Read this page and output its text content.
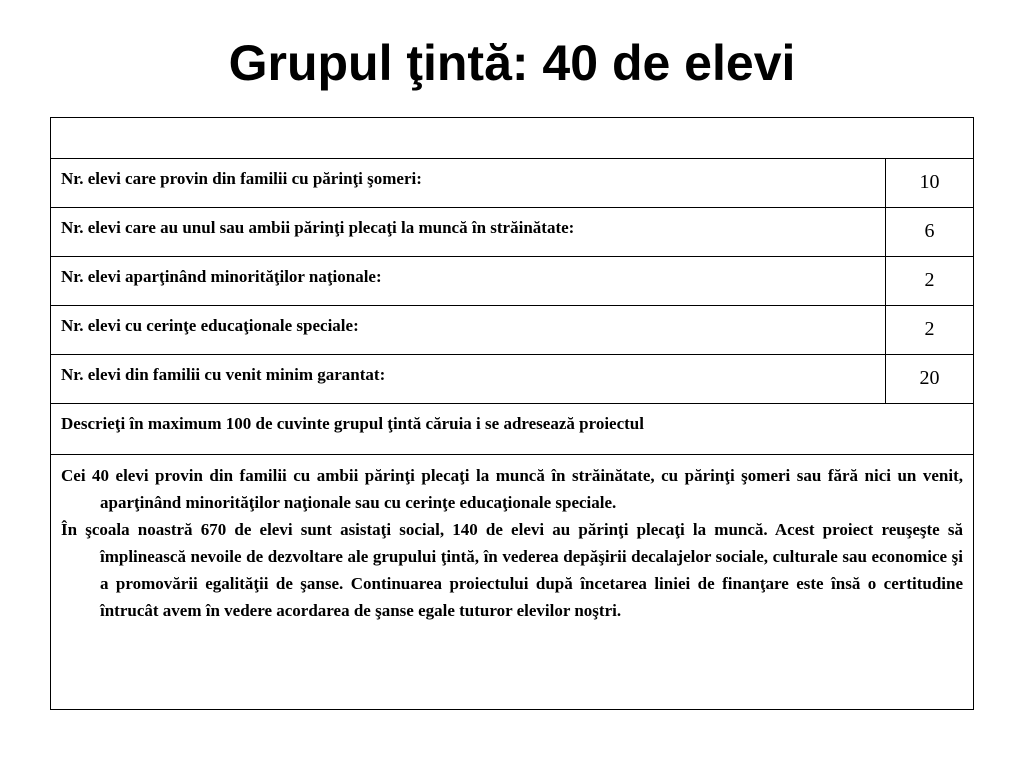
Grupul ţintă: 40 de elevi

Nr. elevi care provin din familii cu părinţi şomeri:	10
Nr. elevi care au unul sau ambii părinţi plecaţi la muncă în străinătate:	6
Nr. elevi aparţinând minorităţilor naţionale:	2
Nr. elevi cu cerinţe educaţionale speciale:	2
Nr. elevi din familii cu venit minim garantat:	20
Descrieţi în maximum 100 de cuvinte grupul ţintă căruia i se adresează proiectul	

Cei 40 elevi provin din familii cu ambii părinţi plecaţi la muncă în străinătate, cu părinţi şomeri sau fără nici un venit, aparţinând minorităţilor naţionale sau cu cerinţe educaţionale speciale.

În şcoala noastră 670 de elevi sunt asistaţi social, 140 de elevi au părinţi plecaţi la muncă. Acest proiect reuşeşte să împlinească nevoile de dezvoltare ale grupului ţintă, în vederea depăşirii decalajelor sociale, culturale sau economice şi a promovării egalităţii de şanse. Continuarea proiectului după încetarea liniei de finanţare este însă o certitudine întrucât avem în vedere acordarea de şanse egale tuturor elevilor noştri.	
